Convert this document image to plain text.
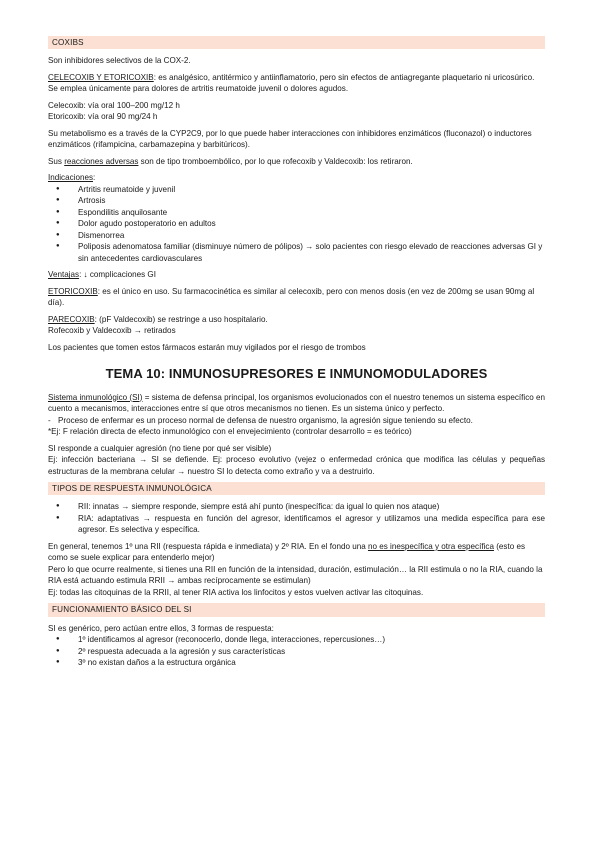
COXIBS

Son inhibidores selectivos de la COX-2.

CELECOXIB Y ETORICOXIB: es analgésico, antitérmico y antiinflamatorio, pero sin efectos de antiagregante plaquetario ni uricosúrico.

Se emplea únicamente para dolores de artritis reumatoide juvenil o dolores agudos.

Celecoxib: vía oral 100–200 mg/12 h

Etoricoxib: vía oral 90 mg/24 h

Su metabolismo es a través de la CYP2C9, por lo que puede haber interacciones con inhibidores enzimáticos (fluconazol) o inductores enzimáticos (rifampicina, carbamazepina y barbitúricos).

Sus reacciones adversas son de tipo tromboembólico, por lo que rofecoxib y Valdecoxib: los retiraron.

Indicaciones:

● Artritis reumatoide y juvenil
● Artrosis
● Espondilitis anquilosante
● Dolor agudo postoperatorio en adultos
● Dismenorrea
● Poliposis adenomatosa familiar (disminuye número de pólipos) → solo pacientes con riesgo elevado de reacciones adversas GI y sin antecedentes cardiovasculares

Ventajas: ↓ complicaciones GI

ETORICOXIB: es el único en uso. Su farmacocinética es similar al celecoxib, pero con menos dosis (en vez de 200mg se usan 90mg al día).

PARECOXIB: (pF Valdecoxib) se restringe a uso hospitalario.

Rofecoxib y Valdecoxib → retirados

Los pacientes que tomen estos fármacos estarán muy vigilados por el riesgo de trombos

TEMA 10: INMUNOSUPRESORES E INMUNOMODULADORES

Sistema inmunológico (SI) = sistema de defensa principal, los organismos evolucionados con el nuestro tenemos un sistema específico en cuento a mecanismos, interacciones entre sí que otros mecanismos no tienen. Es un sistema único y perfecto.

- Proceso de enfermar es un proceso normal de defensa de nuestro organismo, la agresión sigue teniendo su efecto.

*Ej: F relación directa de efecto inmunológico con el envejecimiento (controlar desarrollo = es teórico)

SI responde a cualquier agresión (no tiene por qué ser visible)

Ej: infección bacteriana → SI se defiende. Ej: proceso evolutivo (vejez o enfermedad crónica que modifica las células y pequeñas estructuras de la membrana celular → nuestro SI lo detecta como extraño y va a destruirlo.

TIPOS DE RESPUESTA INMUNOLÓGICA
● RII: innatas → siempre responde, siempre está ahí punto (inespecífica: da igual lo quien nos ataque)
● RIA: adaptativas → respuesta en función del agresor, identificamos el agresor y utilizamos una medida específica para ese agresor. Es selectiva y específica.

En general, tenemos 1º una RII (respuesta rápida e inmediata) y 2º RIA. En el fondo una no es inespecífica y otra específica (esto es como se suele explicar para entenderlo mejor)

Pero lo que ocurre realmente, si tienes una RII en función de la intensidad, duración, estimulación… la RII estimula o no la RIA, cuando la RIA está actuando estimula RRII → ambas recíprocamente se estimulan)

Ej: todas las citoquinas de la RRII, al tener RIA activa los linfocitos y estos vuelven activar las citoquinas.

FUNCIONAMIENTO BÁSICO DEL SI

SI es genérico, pero actúan entre ellos, 3 formas de respuesta:

● 1º identificamos al agresor (reconocerlo, donde llega, interacciones, repercusiones…)
● 2º respuesta adecuada a la agresión y sus características
● 3º no existan daños a la estructura orgánica
